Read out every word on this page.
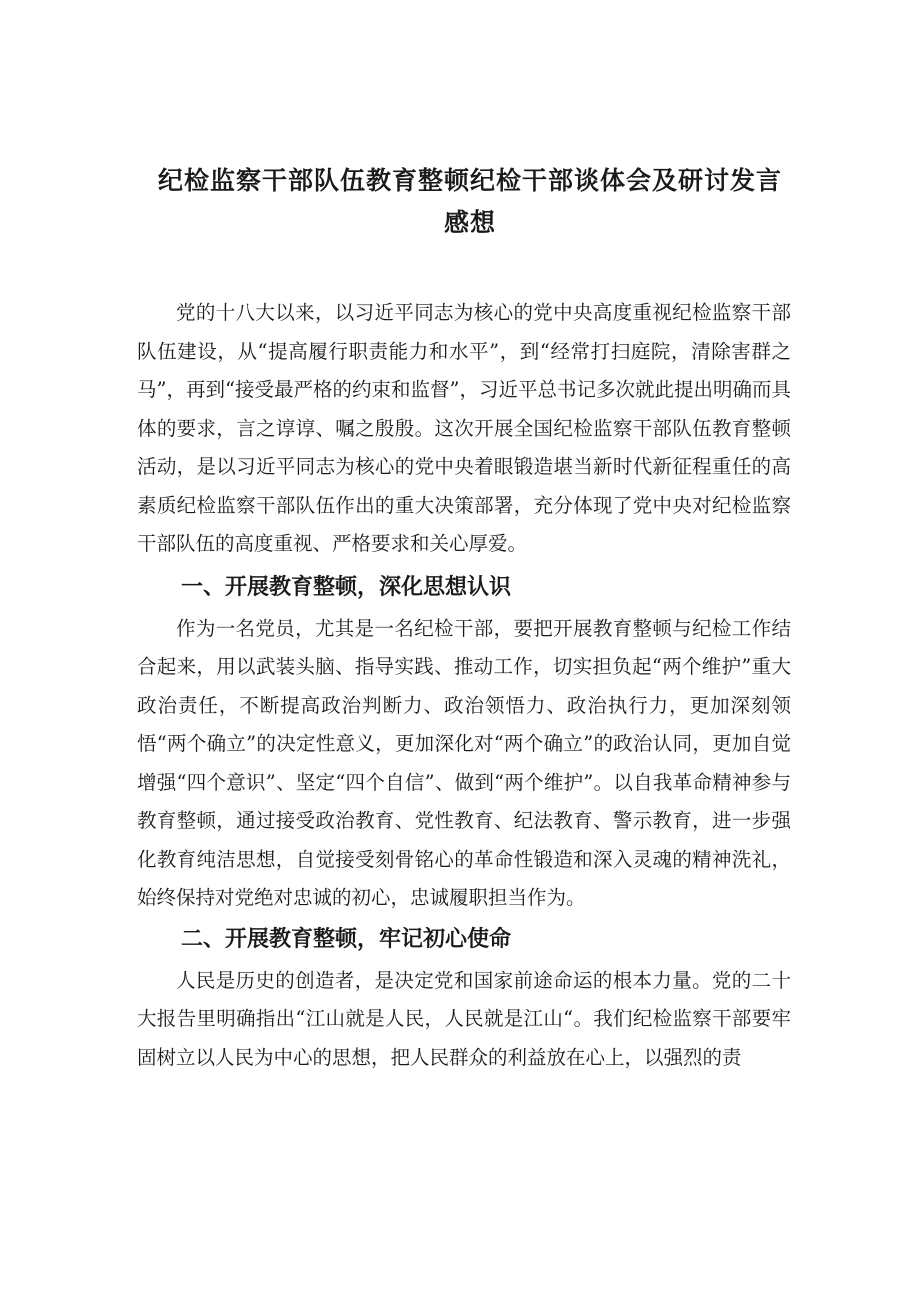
纪检监察干部队伍教育整顿纪检干部谈体会及研讨发言
感想

党的十八大以来，以习近平同志为核心的党中央高度重视纪检监察干部队伍建设，从“提高履行职责能力和水平”，到“经常打扫庭院，清除害群之马”，再到“接受最严格的约束和监督”，习近平总书记多次就此提出明确而具体的要求，言之谆谆、嘱之殷殷。这次开展全国纪检监察干部队伍教育整顿活动，是以习近平同志为核心的党中央着眼锻造堪当新时代新征程重任的高素质纪检监察干部队伍作出的重大决策部署，充分体现了党中央对纪检监察干部队伍的高度重视、严格要求和关心厚爱。

一、开展教育整顿，深化思想认识

作为一名党员，尤其是一名纪检干部，要把开展教育整顿与纪检工作结合起来，用以武装头脑、指导实践、推动工作，切实担负起“两个维护”重大政治责任，不断提高政治判断力、政治领悟力、政治执行力，更加深刻领悟“两个确立”的决定性意义，更加深化对“两个确立”的政治认同，更加自觉增强“四个意识”、坚定“四个自信”、做到“两个维护”。以自我革命精神参与教育整顿，通过接受政治教育、党性教育、纪法教育、警示教育，进一步强化教育纯洁思想，自觉接受刻骨铭心的革命性锻造和深入灵魂的精神洗礼，始终保持对党绝对忠诚的初心，忠诚履职担当作为。

二、开展教育整顿，牢记初心使命

人民是历史的创造者，是决定党和国家前途命运的根本力量。党的二十大报告里明确指出“江山就是人民，人民就是江山“。我们纪检监察干部要牢固树立以人民为中心的思想，把人民群众的利益放在心上，以强烈的责
